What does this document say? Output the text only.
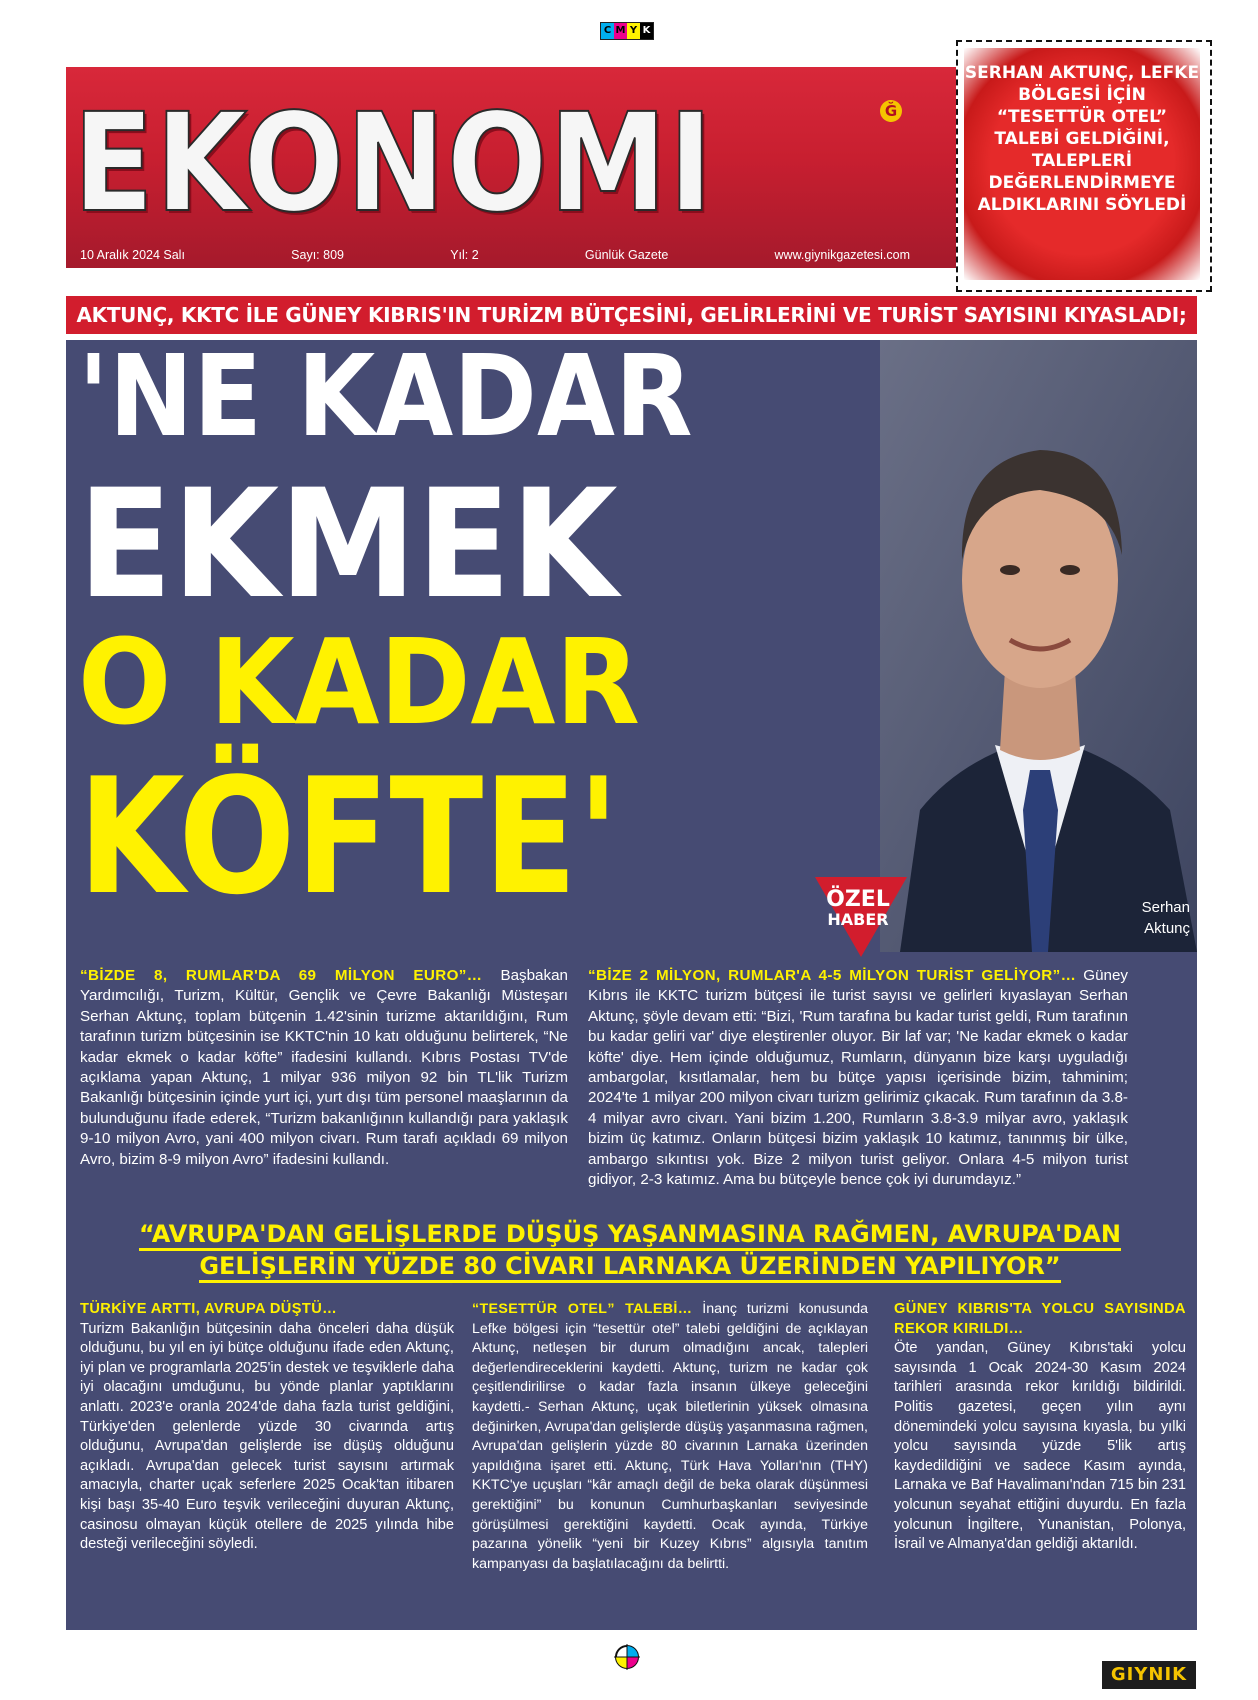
C M Y K
EKONOMI	Ğ
10 Aralık 2024 Salı	Sayı: 809	Yıl: 2	Günlük Gazete	www.giynikgazetesi.com
SERHAN AKTUNÇ, LEFKE BÖLGESİ İÇİN “TESETTÜR OTEL” TALEBİ GELDİĞİNİ, TALEPLERİ DEĞERLENDİRMEYE ALDIKLARINI SÖYLEDİ
AKTUNÇ, KKTC İLE GÜNEY KIBRIS'IN TURİZM BÜTÇESİNİ, GELİRLERİNİ VE TURİST SAYISINI KIYASLADI;
Serhan
Aktunç
'NE KADAR
EKMEK
O KADAR
KÖFTE'	ÖZEL
HABER
“BİZDE 8, RUMLAR'DA 69 MİLYON EURO”… Başbakan Yardımcılığı, Turizm, Kültür, Gençlik ve Çevre Bakanlığı Müsteşarı Serhan Aktunç, toplam bütçenin 1.42'sinin turizme aktarıldığını, Rum tarafının turizm bütçesinin ise KKTC'nin 10 katı olduğunu belirterek, “Ne kadar ekmek o kadar köfte” ifadesini kullandı. Kıbrıs Postası TV'de açıklama yapan Aktunç, 1 milyar 936 milyon 92 bin TL'lik Turizm Bakanlığı bütçesinin içinde yurt içi, yurt dışı tüm personel maaşlarının da bulunduğunu ifade ederek, “Turizm bakanlığının kullandığı para yaklaşık 9-10 milyon Avro, yani 400 milyon civarı. Rum tarafı açıkladı 69 milyon Avro, bizim 8-9 milyon Avro” ifadesini kullandı.
“BİZE 2 MİLYON, RUMLAR'A 4-5 MİLYON TURİST GELİYOR”… Güney Kıbrıs ile KKTC turizm bütçesi ile turist sayısı ve gelirleri kıyaslayan Serhan Aktunç, şöyle devam etti: “Bizi, 'Rum tarafına bu kadar turist geldi, Rum tarafının bu kadar geliri var' diye eleştirenler oluyor. Bir laf var; 'Ne kadar ekmek o kadar köfte' diye. Hem içinde olduğumuz, Rumların, dünyanın bize karşı uyguladığı ambargolar, kısıtlamalar, hem bu bütçe yapısı içerisinde bizim, tahminim; 2024'te 1 milyar 200 milyon civarı turizm gelirimiz çıkacak. Rum tarafının da 3.8-4 milyar avro civarı. Yani bizim 1.200, Rumların 3.8-3.9 milyar avro, yaklaşık bizim üç katımız. Onların bütçesi bizim yaklaşık 10 katımız, tanınmış bir ülke, ambargo sıkıntısı yok. Bize 2 milyon turist geliyor. Onlara 4-5 milyon turist gidiyor, 2-3 katımız. Ama bu bütçeyle bence çok iyi durumdayız.”
“AVRUPA'DAN GELİŞLERDE DÜŞÜŞ YAŞANMASINA RAĞMEN, AVRUPA'DAN
GELİŞLERİN YÜZDE 80 CİVARI LARNAKA ÜZERİNDEN YAPILIYOR”
TÜRKİYE ARTTI, AVRUPA DÜŞTÜ…
Turizm Bakanlığın bütçesinin daha önceleri daha düşük olduğunu, bu yıl en iyi bütçe olduğunu ifade eden Aktunç, iyi plan ve programlarla 2025'in destek ve teşviklerle daha iyi olacağını umduğunu, bu yönde planlar yaptıklarını anlattı. 2023'e oranla 2024'de daha fazla turist geldiğini, Türkiye'den gelenlerde yüzde 30 civarında artış olduğunu, Avrupa'dan gelişlerde ise düşüş olduğunu açıkladı. Avrupa'dan gelecek turist sayısını artırmak amacıyla, charter uçak seferlere 2025 Ocak'tan itibaren kişi başı 35-40 Euro teşvik verileceğini duyuran Aktunç, casinosu olmayan küçük otellere de 2025 yılında hibe desteği verileceğini söyledi.
“TESETTÜR OTEL” TALEBİ… İnanç turizmi konusunda Lefke bölgesi için “tesettür otel” talebi geldiğini de açıklayan Aktunç, netleşen bir durum olmadığını ancak, talepleri değerlendireceklerini kaydetti. Aktunç, turizm ne kadar çok çeşitlendirilirse o kadar fazla insanın ülkeye geleceğini kaydetti.- Serhan Aktunç, uçak biletlerinin yüksek olmasına değinirken, Avrupa'dan gelişlerde düşüş yaşanmasına rağmen, Avrupa'dan gelişlerin yüzde 80 civarının Larnaka üzerinden yapıldığına işaret etti. Aktunç, Türk Hava Yolları'nın (THY) KKTC'ye uçuşları “kâr amaçlı değil de beka olarak düşünmesi gerektiğini” bu konunun Cumhurbaşkanları seviyesinde görüşülmesi gerektiğini kaydetti. Ocak ayında, Türkiye pazarına yönelik “yeni bir Kuzey Kıbrıs” algısıyla tanıtım kampanyası da başlatılacağını da belirtti.
GÜNEY KIBRIS'TA YOLCU SAYISINDA REKOR KIRILDI…
Öte yandan, Güney Kıbrıs'taki yolcu sayısında 1 Ocak 2024-30 Kasım 2024 tarihleri arasında rekor kırıldığı bildirildi. Politis gazetesi, geçen yılın aynı dönemindeki yolcu sayısına kıyasla, bu yılki yolcu sayısında yüzde 5'lik artış kaydedildiğini ve sadece Kasım ayında, Larnaka ve Baf Havalimanı'ndan 715 bin 231 yolcunun seyahat ettiğini duyurdu. En fazla yolcunun İngiltere, Yunanistan, Polonya, İsrail ve Almanya'dan geldiği aktarıldı.
GIYNIK
